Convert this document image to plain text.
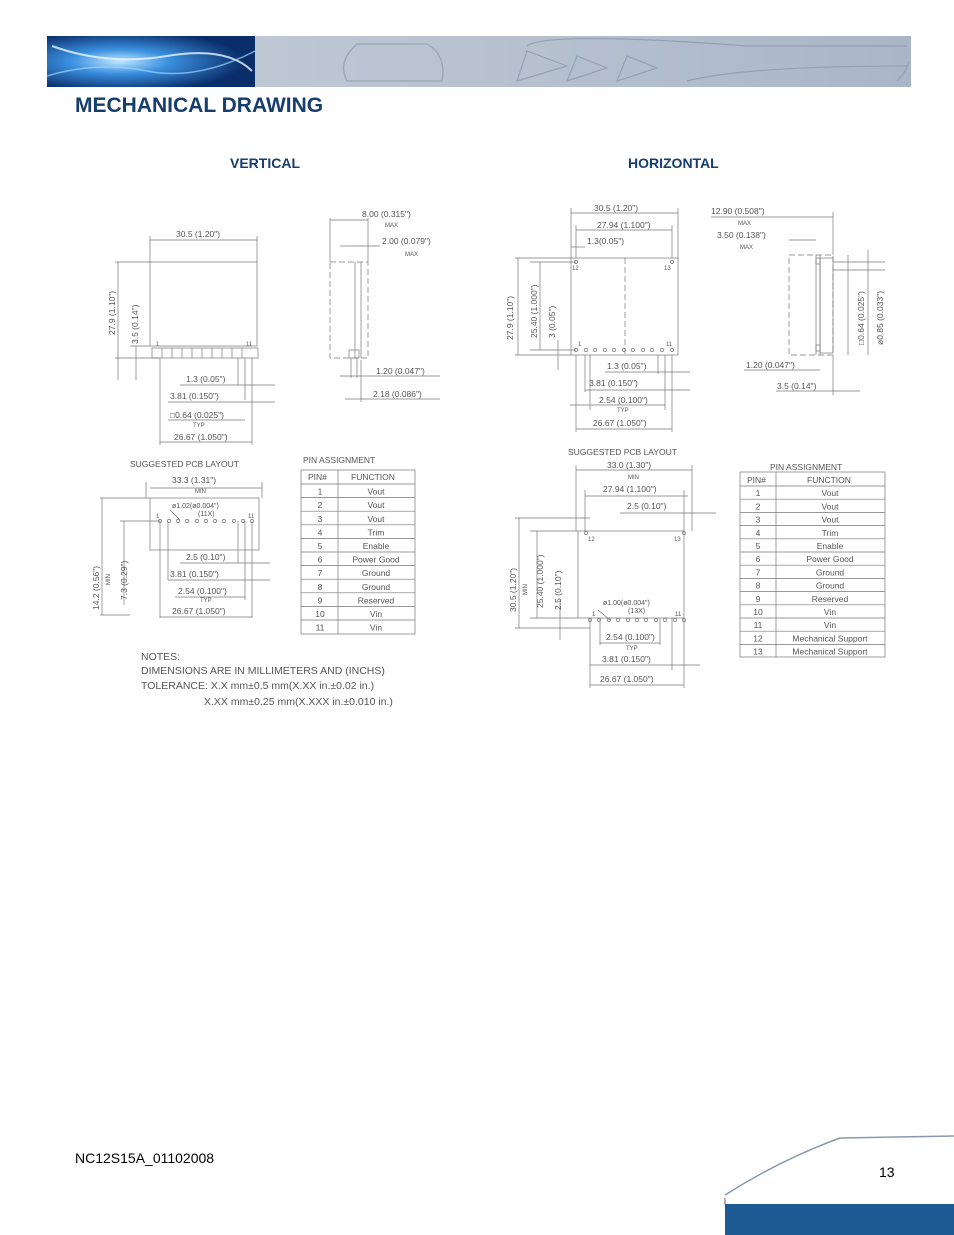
MECHANICAL DRAWING
VERTICAL	HORIZONTAL
30.5 (1.20")
27.9 (1.10") 3.5 (0.14")
1	11
1.3 (0.05")
3.81 (0.150")
□0.64 (0.025")
TYP
26.67 (1.050")
8.00 (0.315")
MAX
2.00 (0.079")
MAX
1.20 (0.047")
2.18 (0.086")
SUGGESTED PCB LAYOUT
33.3 (1.31")
MIN
ø1.02(ø0.004")
(11X)
1	11
14.2 (0.56") MIN 7.3 (0.29")
2.5 (0.10")
3.81 (0.150")
2.54 (0.100")
TYP
26.67 (1.050")
PIN ASSIGNMENT
PIN#	FUNCTION
1	Vout
2	Vout
3	Vout
4	Trim
5	Enable
6	Power Good
7	Ground
8	Ground
9	Reserved
10	Vin
11	Vin
30.5 (1.20")
27.94 (1.100")
1.3(0.05")
27.9 (1.10") 25.40 (1.000") 3 (0.05")
12	13
1	11
1.3 (0.05")
3.81 (0.150")
2.54 (0.100")
TYP
26.67 (1.050")
12.90 (0.508")
MAX
3.50 (0.138")
MAX
□0.64 (0.025") ø0.85 (0.033")
1.20 (0.047")
3.5 (0.14")
SUGGESTED PCB LAYOUT
33.0 (1.30")
MIN
27.94 (1.100")
2.5 (0.10")
30.5 (1.20") MIN 25.40 (1.000") 2.5 (0.10")
12	13
1	11
ø1.00(ø0.004")
(13X)
2.54 (0.100")
TYP
3.81 (0.150")
26.67 (1.050")
PIN ASSIGNMENT
PIN#	FUNCTION
1	Vout
2	Vout
3	Vout
4	Trim
5	Enable
6	Power Good
7	Ground
8	Ground
9	Reserved
10	Vin
11	Vin
12	Mechanical Support
13	Mechanical Support
NOTES:
DIMENSIONS ARE IN MILLIMETERS AND (INCHS)
TOLERANCE: X.X mm±0.5 mm(X.XX in.±0.02 in.)
X.XX mm±0.25 mm(X.XXX in.±0.010 in.)
NC12S15A_01102008
13
